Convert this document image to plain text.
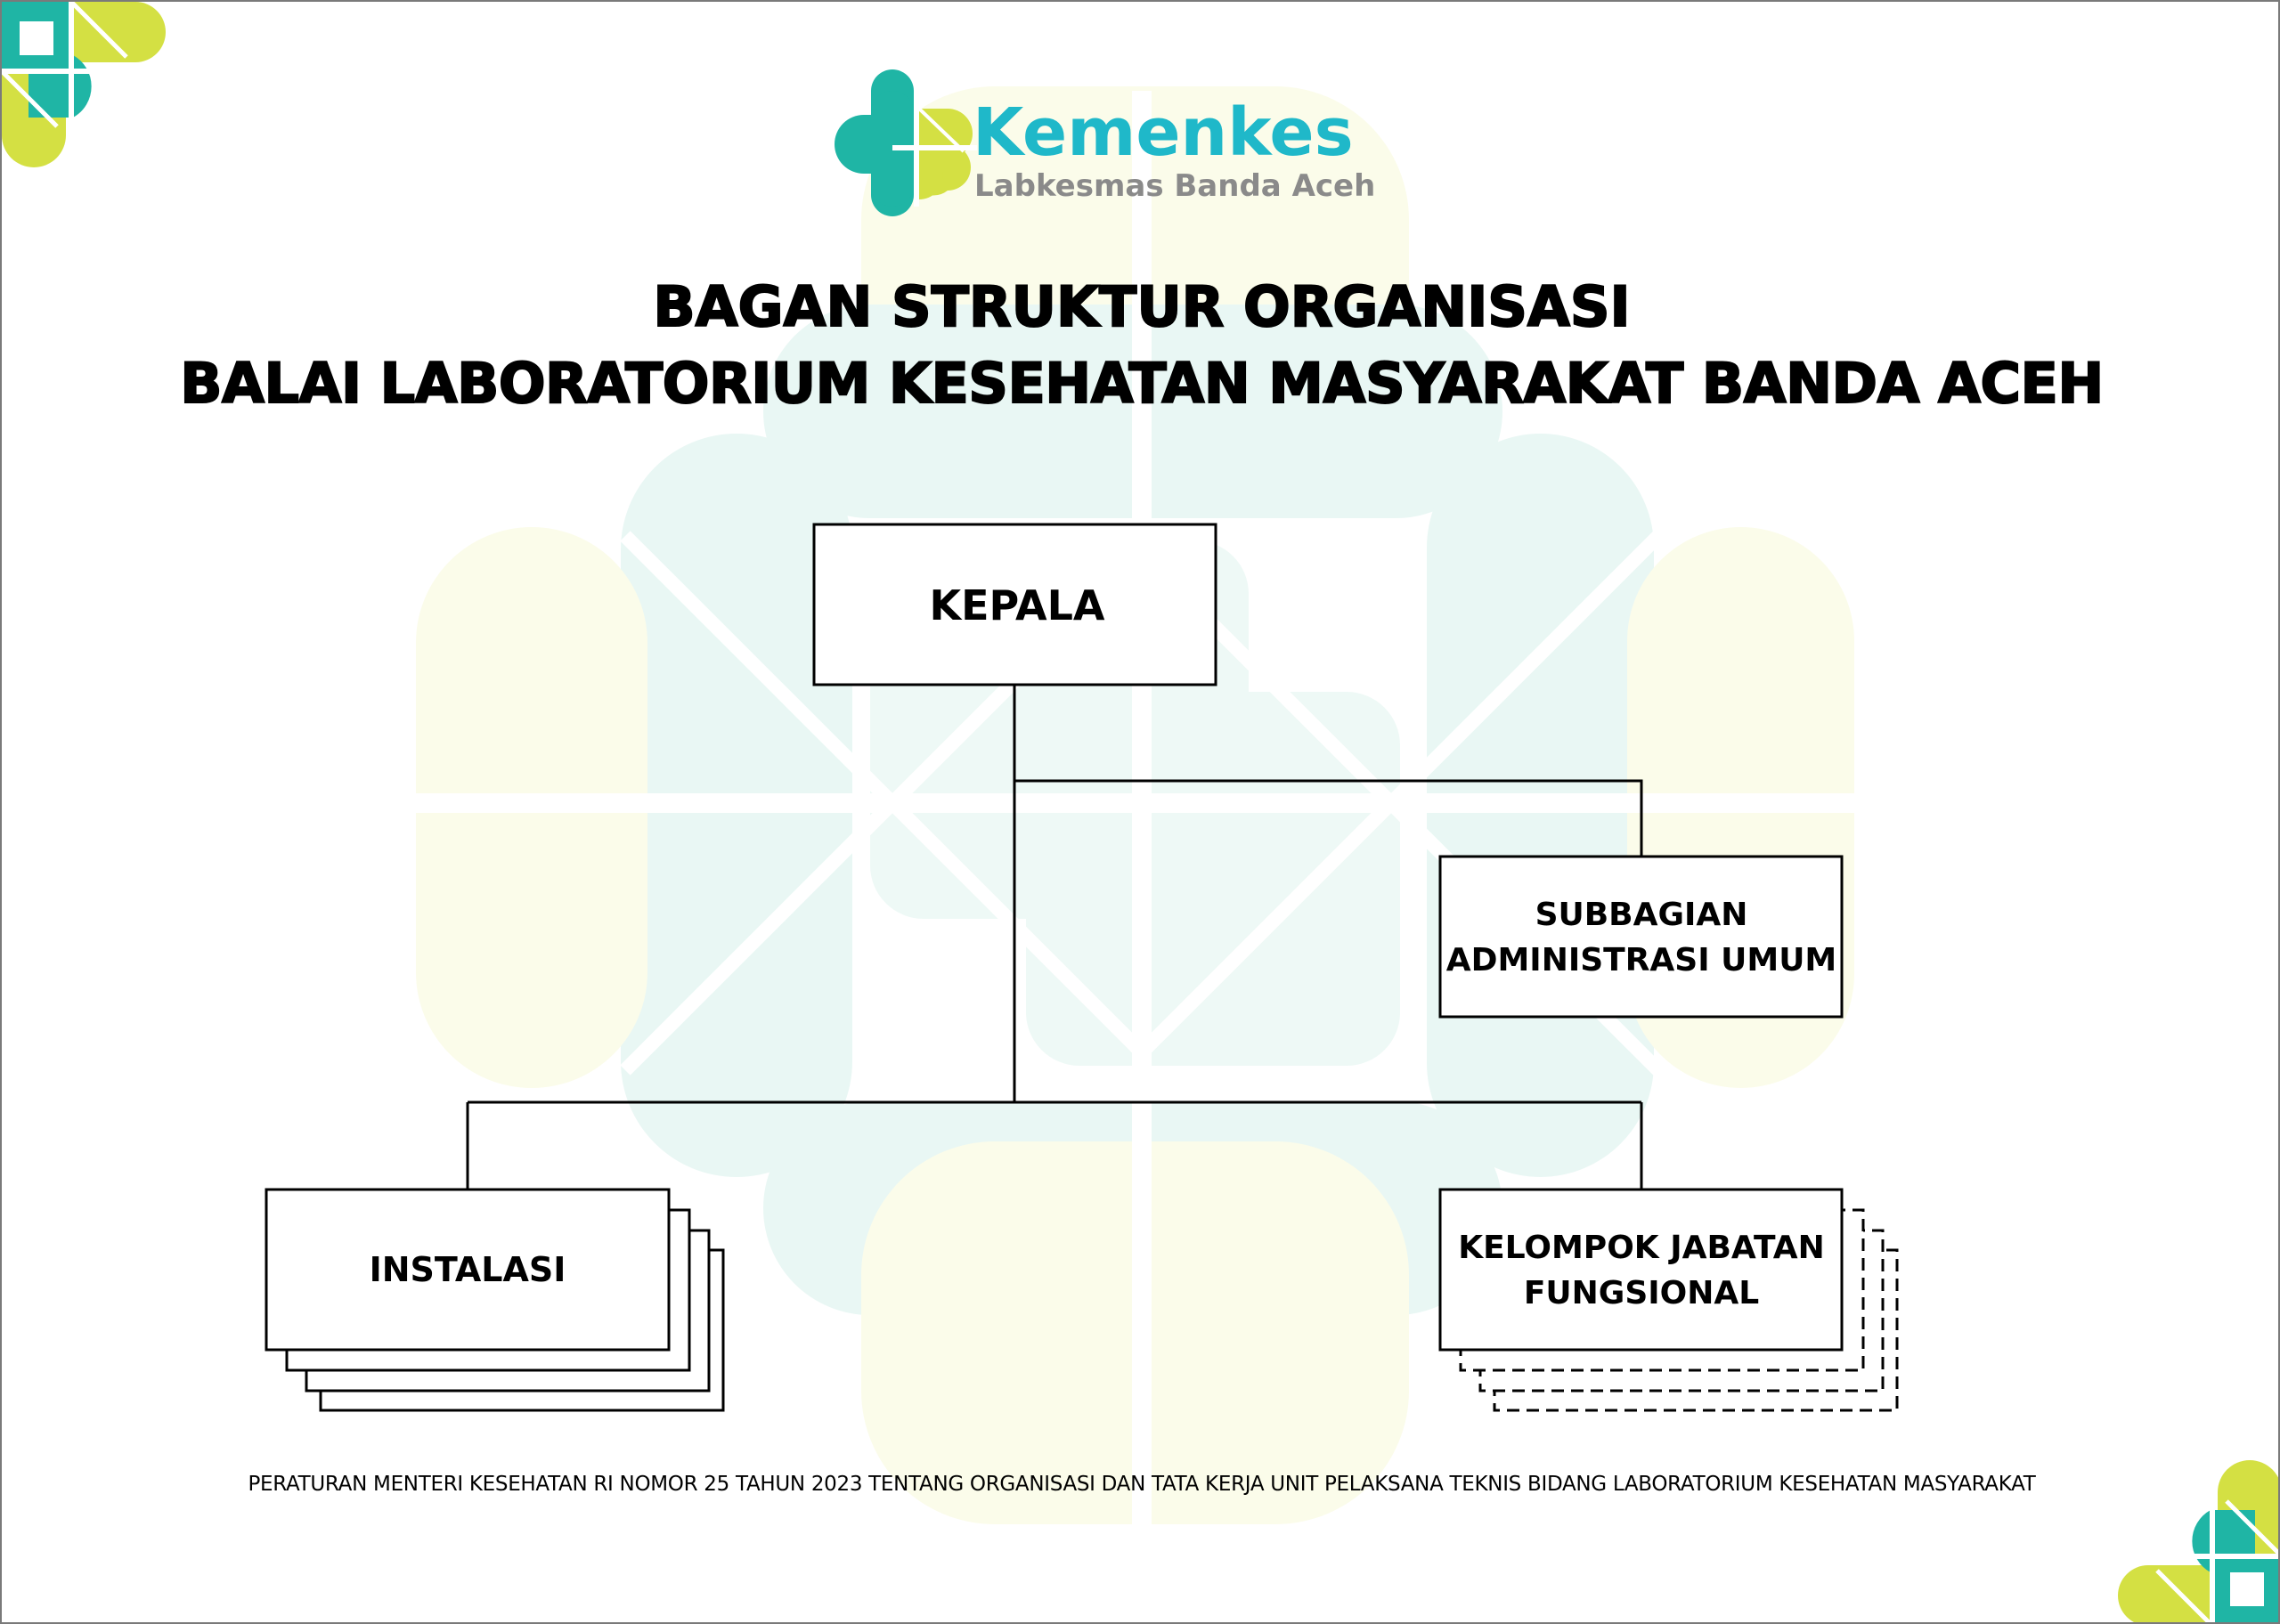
Kemenkes
Labkesmas Banda Aceh
BAGAN STRUKTUR ORGANISASI
BALAI LABORATORIUM KESEHATAN MASYARAKAT BANDA ACEH
KEPALA
SUBBAGIAN
ADMINISTRASI UMUM
INSTALASI
KELOMPOK JABATAN
FUNGSIONAL
PERATURAN MENTERI KESEHATAN RI NOMOR 25 TAHUN 2023 TENTANG ORGANISASI DAN TATA KERJA UNIT PELAKSANA TEKNIS BIDANG LABORATORIUM KESEHATAN MASYARAKAT
